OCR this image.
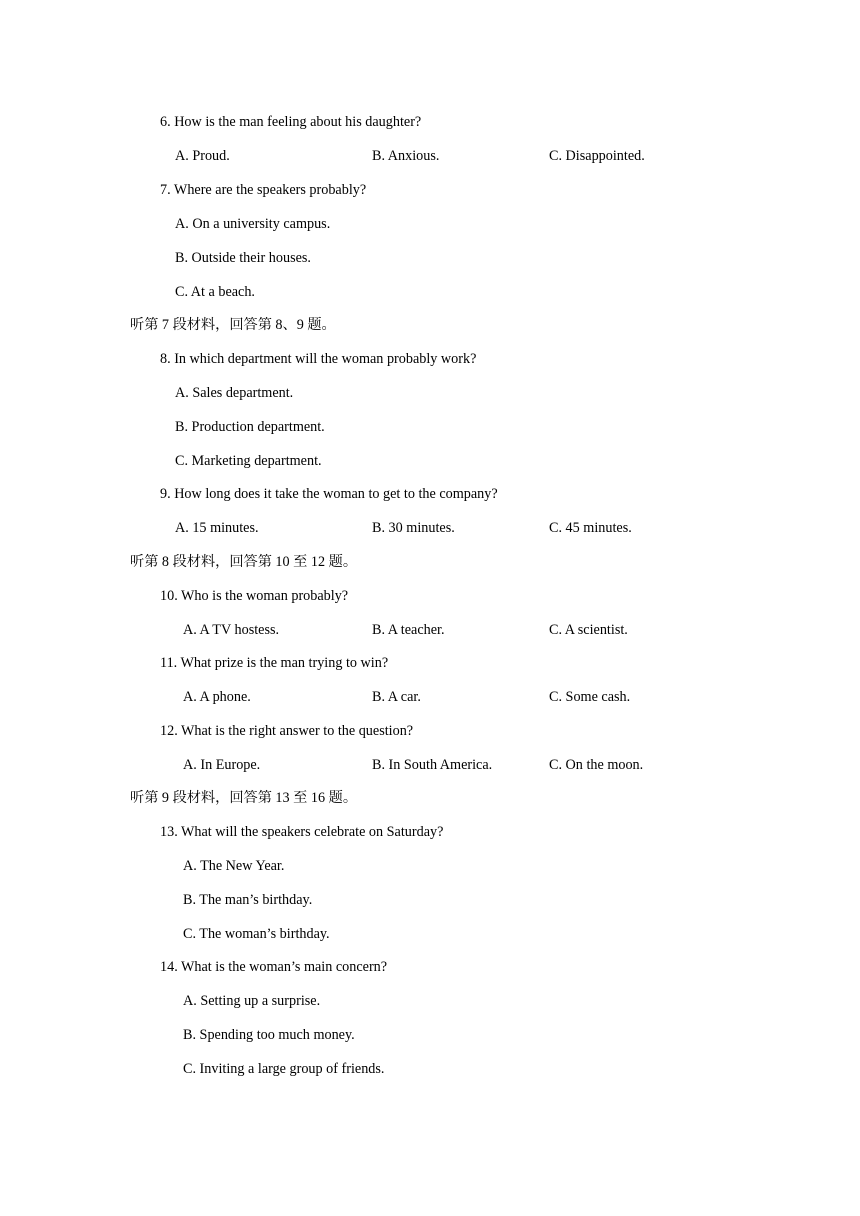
6. How is the man feeling about his daughter?
A. Proud.	B. Anxious.	C. Disappointed.
7. Where are the speakers probably?
A. On a university campus.
B. Outside their houses.
C. At a beach.
听第 7 段材料，回答第 8、9 题。
8. In which department will the woman probably work?
A. Sales department.
B. Production department.
C. Marketing department.
9. How long does it take the woman to get to the company?
A. 15 minutes.	B. 30 minutes.	C. 45 minutes.
听第 8 段材料，回答第 10 至 12 题。
10. Who is the woman probably?
A. A TV hostess.	B. A teacher.	C. A scientist.
11. What prize is the man trying to win?
A. A phone.	B. A car.	C. Some cash.
12. What is the right answer to the question?
A. In Europe.	B. In South America.	C. On the moon.
听第 9 段材料，回答第 13 至 16 题。
13. What will the speakers celebrate on Saturday?
A. The New Year.
B. The man’s birthday.
C. The woman’s birthday.
14. What is the woman’s main concern?
A. Setting up a surprise.
B. Spending too much money.
C. Inviting a large group of friends.
